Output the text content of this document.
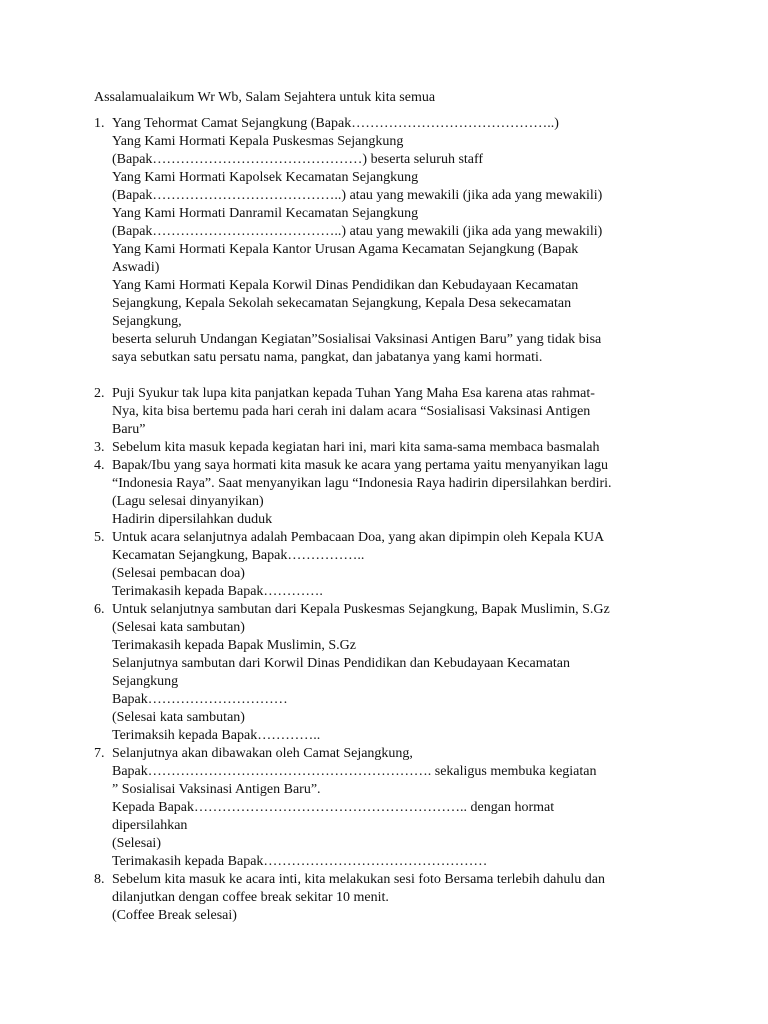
Assalamualaikum Wr Wb, Salam Sejahtera untuk kita semua
1. Yang Tehormat Camat Sejangkung (Bapak……………………………………..)
Yang Kami Hormati Kepala Puskesmas Sejangkung
(Bapak………………………………………) beserta seluruh staff
Yang Kami Hormati Kapolsek Kecamatan Sejangkung
(Bapak…………………………………..) atau yang mewakili (jika ada yang mewakili)
Yang Kami Hormati Danramil Kecamatan Sejangkung
(Bapak…………………………………..) atau yang mewakili (jika ada yang mewakili)
Yang Kami Hormati Kepala Kantor Urusan Agama Kecamatan Sejangkung (Bapak
Aswadi)
Yang Kami Hormati Kepala Korwil Dinas Pendidikan dan Kebudayaan Kecamatan
Sejangkung, Kepala Sekolah sekecamatan Sejangkung, Kepala Desa sekecamatan
Sejangkung,
beserta seluruh Undangan Kegiatan”Sosialisai Vaksinasi Antigen Baru” yang tidak bisa
saya sebutkan satu persatu nama, pangkat, dan jabatanya yang kami hormati.
2. Puji Syukur tak lupa kita panjatkan kepada Tuhan Yang Maha Esa karena atas rahmat-
Nya, kita bisa bertemu pada hari cerah ini dalam acara “Sosialisasi Vaksinasi Antigen
Baru”
3. Sebelum kita masuk kepada kegiatan hari ini, mari kita sama-sama membaca basmalah
4. Bapak/Ibu yang saya hormati kita masuk ke acara yang pertama yaitu menyanyikan lagu
“Indonesia Raya”. Saat menyanyikan lagu “Indonesia Raya hadirin dipersilahkan berdiri.
(Lagu selesai dinyanyikan)
Hadirin dipersilahkan duduk
5. Untuk acara selanjutnya adalah Pembacaan Doa, yang akan dipimpin oleh Kepala KUA
Kecamatan Sejangkung, Bapak……………..
(Selesai pembacan doa)
Terimakasih kepada Bapak………….
6. Untuk selanjutnya sambutan dari Kepala Puskesmas Sejangkung, Bapak Muslimin, S.Gz
(Selesai kata sambutan)
Terimakasih kepada Bapak Muslimin, S.Gz
Selanjutnya sambutan dari Korwil Dinas Pendidikan dan Kebudayaan Kecamatan
Sejangkung
Bapak…………………………
(Selesai kata sambutan)
Terimaksih kepada Bapak…………..
7. Selanjutnya akan dibawakan oleh Camat Sejangkung,
Bapak……………………………………………………. sekaligus membuka kegiatan
” Sosialisai Vaksinasi Antigen Baru”.
Kepada Bapak………………………………………………….. dengan hormat
dipersilahkan
(Selesai)
Terimakasih kepada Bapak…………………………………………
8. Sebelum kita masuk ke acara inti, kita melakukan sesi foto Bersama terlebih dahulu dan
dilanjutkan dengan coffee break sekitar 10 menit.
(Coffee Break selesai)
